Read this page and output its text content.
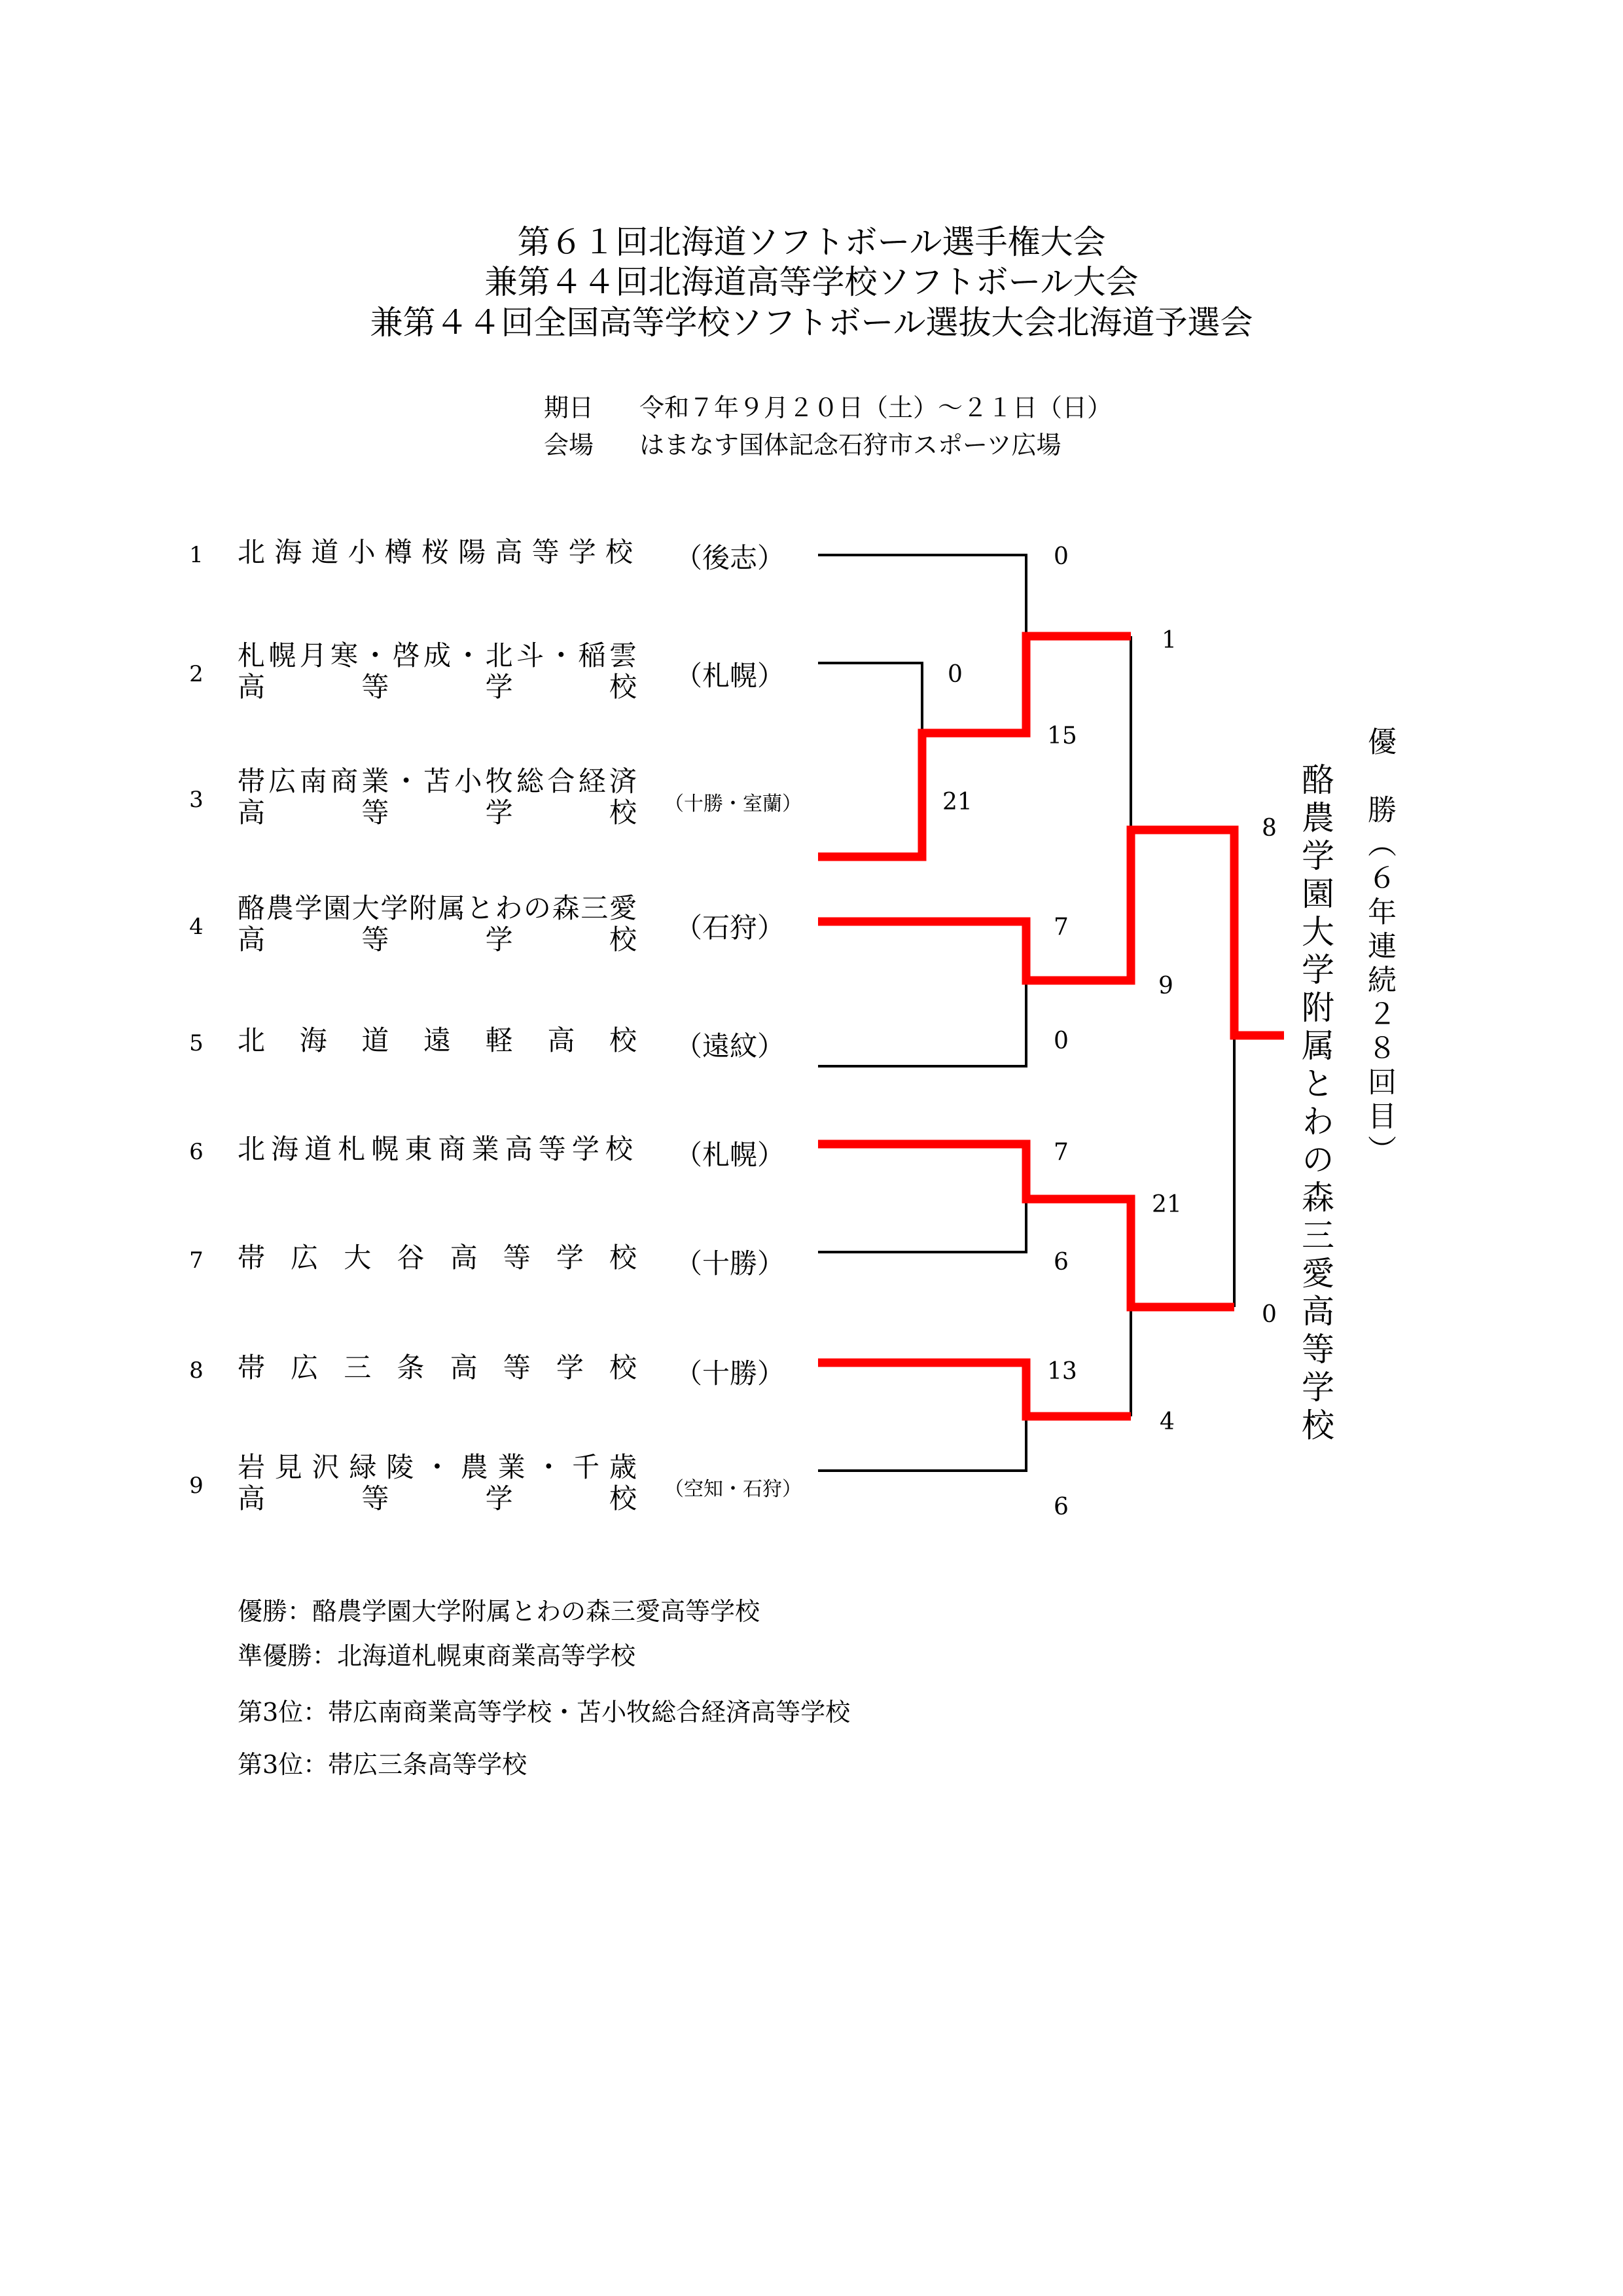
第６１回北海道ソフトボール選手権大会
兼第４４回北海道高等学校ソフトボール大会
兼第４４回全国高等学校ソフトボール選抜大会北海道予選会
期日 令和７年９月２０日（土）～２１日（日）
会場 はまなす国体記念石狩市スポーツ広場
1 北海道小樽桜陽高等学校	（後志）
2
札幌月寒・啓成・北斗・稲雲
高等学校	（札幌）
3
帯広南商業・苫小牧総合経済
高等学校	（十勝・室蘭）
4
酪農学園大学附属とわの森三愛
高等学校	（石狩）
5 北海道遠軽高校	（遠紋）
6 北海道札幌東商業高等学校	（札幌）
7 帯広大谷高等学校	（十勝）
8 帯広三条高等学校	（十勝）
9
岩見沢緑陵・農業・千歳
高等学校	（空知・石狩）
0
0
21
7
0
7
6
13
6
15
1
9
21
4
8
0 酪農学園大学附属とわの森三愛高等学校 優　勝（６年連続２８回目）
優勝：酪農学園大学附属とわの森三愛高等学校
準優勝：北海道札幌東商業高等学校
第3位：帯広南商業高等学校・苫小牧総合経済高等学校
第3位：帯広三条高等学校
